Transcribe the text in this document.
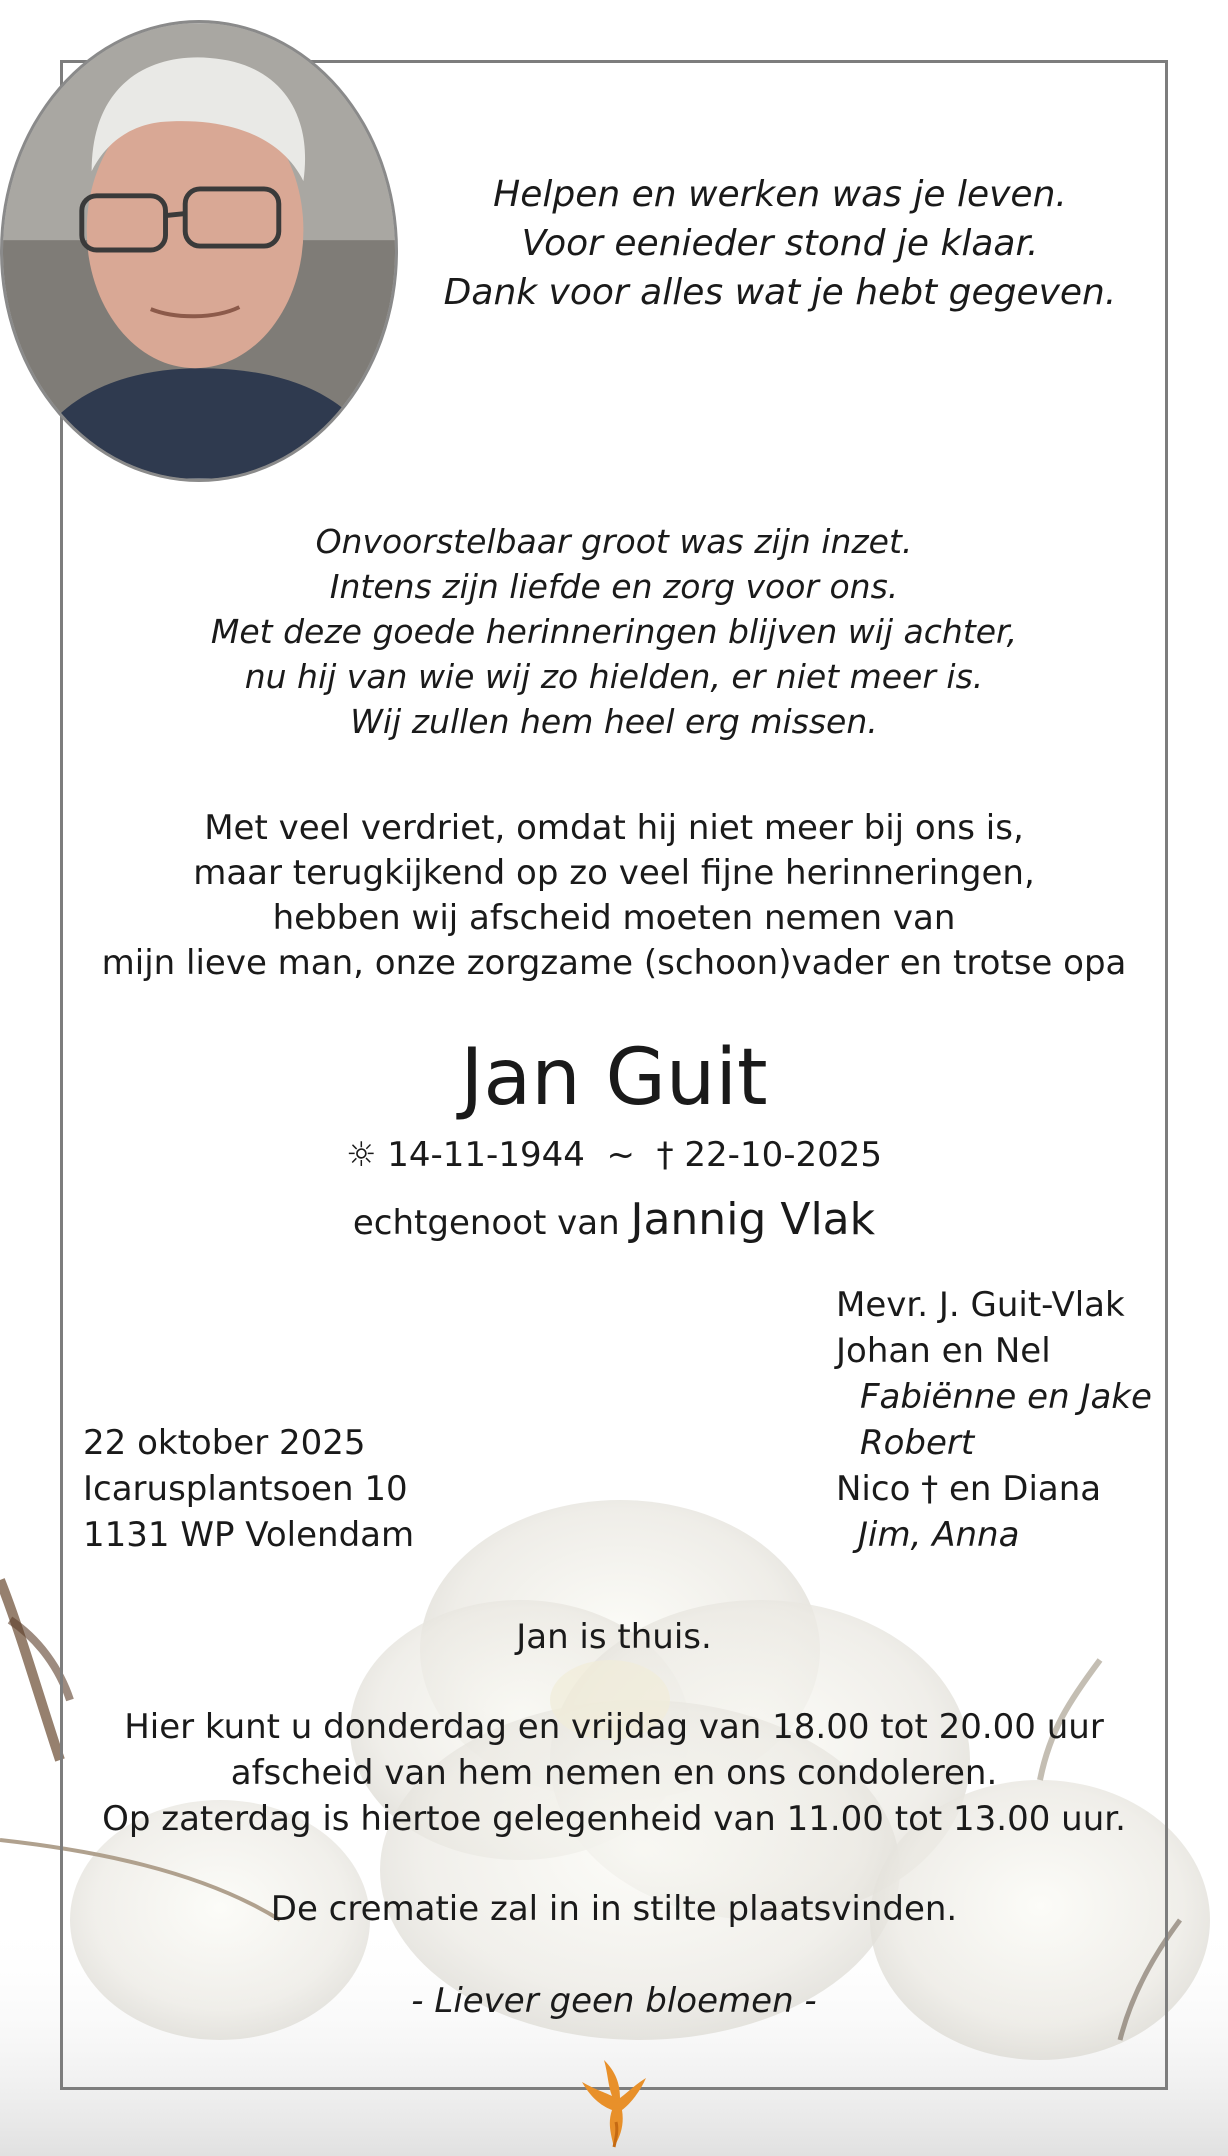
Helpen en werken was je leven.
Voor eenieder stond je klaar.
Dank voor alles wat je hebt gegeven.
Onvoorstelbaar groot was zijn inzet.
Intens zijn liefde en zorg voor ons.
Met deze goede herinneringen blijven wij achter,
nu hij van wie wij zo hielden, er niet meer is.
Wij zullen hem heel erg missen.
Met veel verdriet, omdat hij niet meer bij ons is,
maar terugkijkend op zo veel fijne herinneringen,
hebben wij afscheid moeten nemen van
mijn lieve man, onze zorgzame (schoon)vader en trotse opa
Jan Guit
☼ 14-11-1944 ~ † 22-10-2025
echtgenoot van Jannig Vlak
22 oktober 2025
Icarusplantsoen 10
1131 WP Volendam
Mevr. J. Guit-Vlak
Johan en Nel
Fabiënne en Jake
Robert
Nico † en Diana
Jim, Anna
Jan is thuis.
Hier kunt u donderdag en vrijdag van 18.00 tot 20.00 uur
afscheid van hem nemen en ons condoleren.
Op zaterdag is hiertoe gelegenheid van 11.00 tot 13.00 uur.
De crematie zal in in stilte plaatsvinden.
- Liever geen bloemen -
